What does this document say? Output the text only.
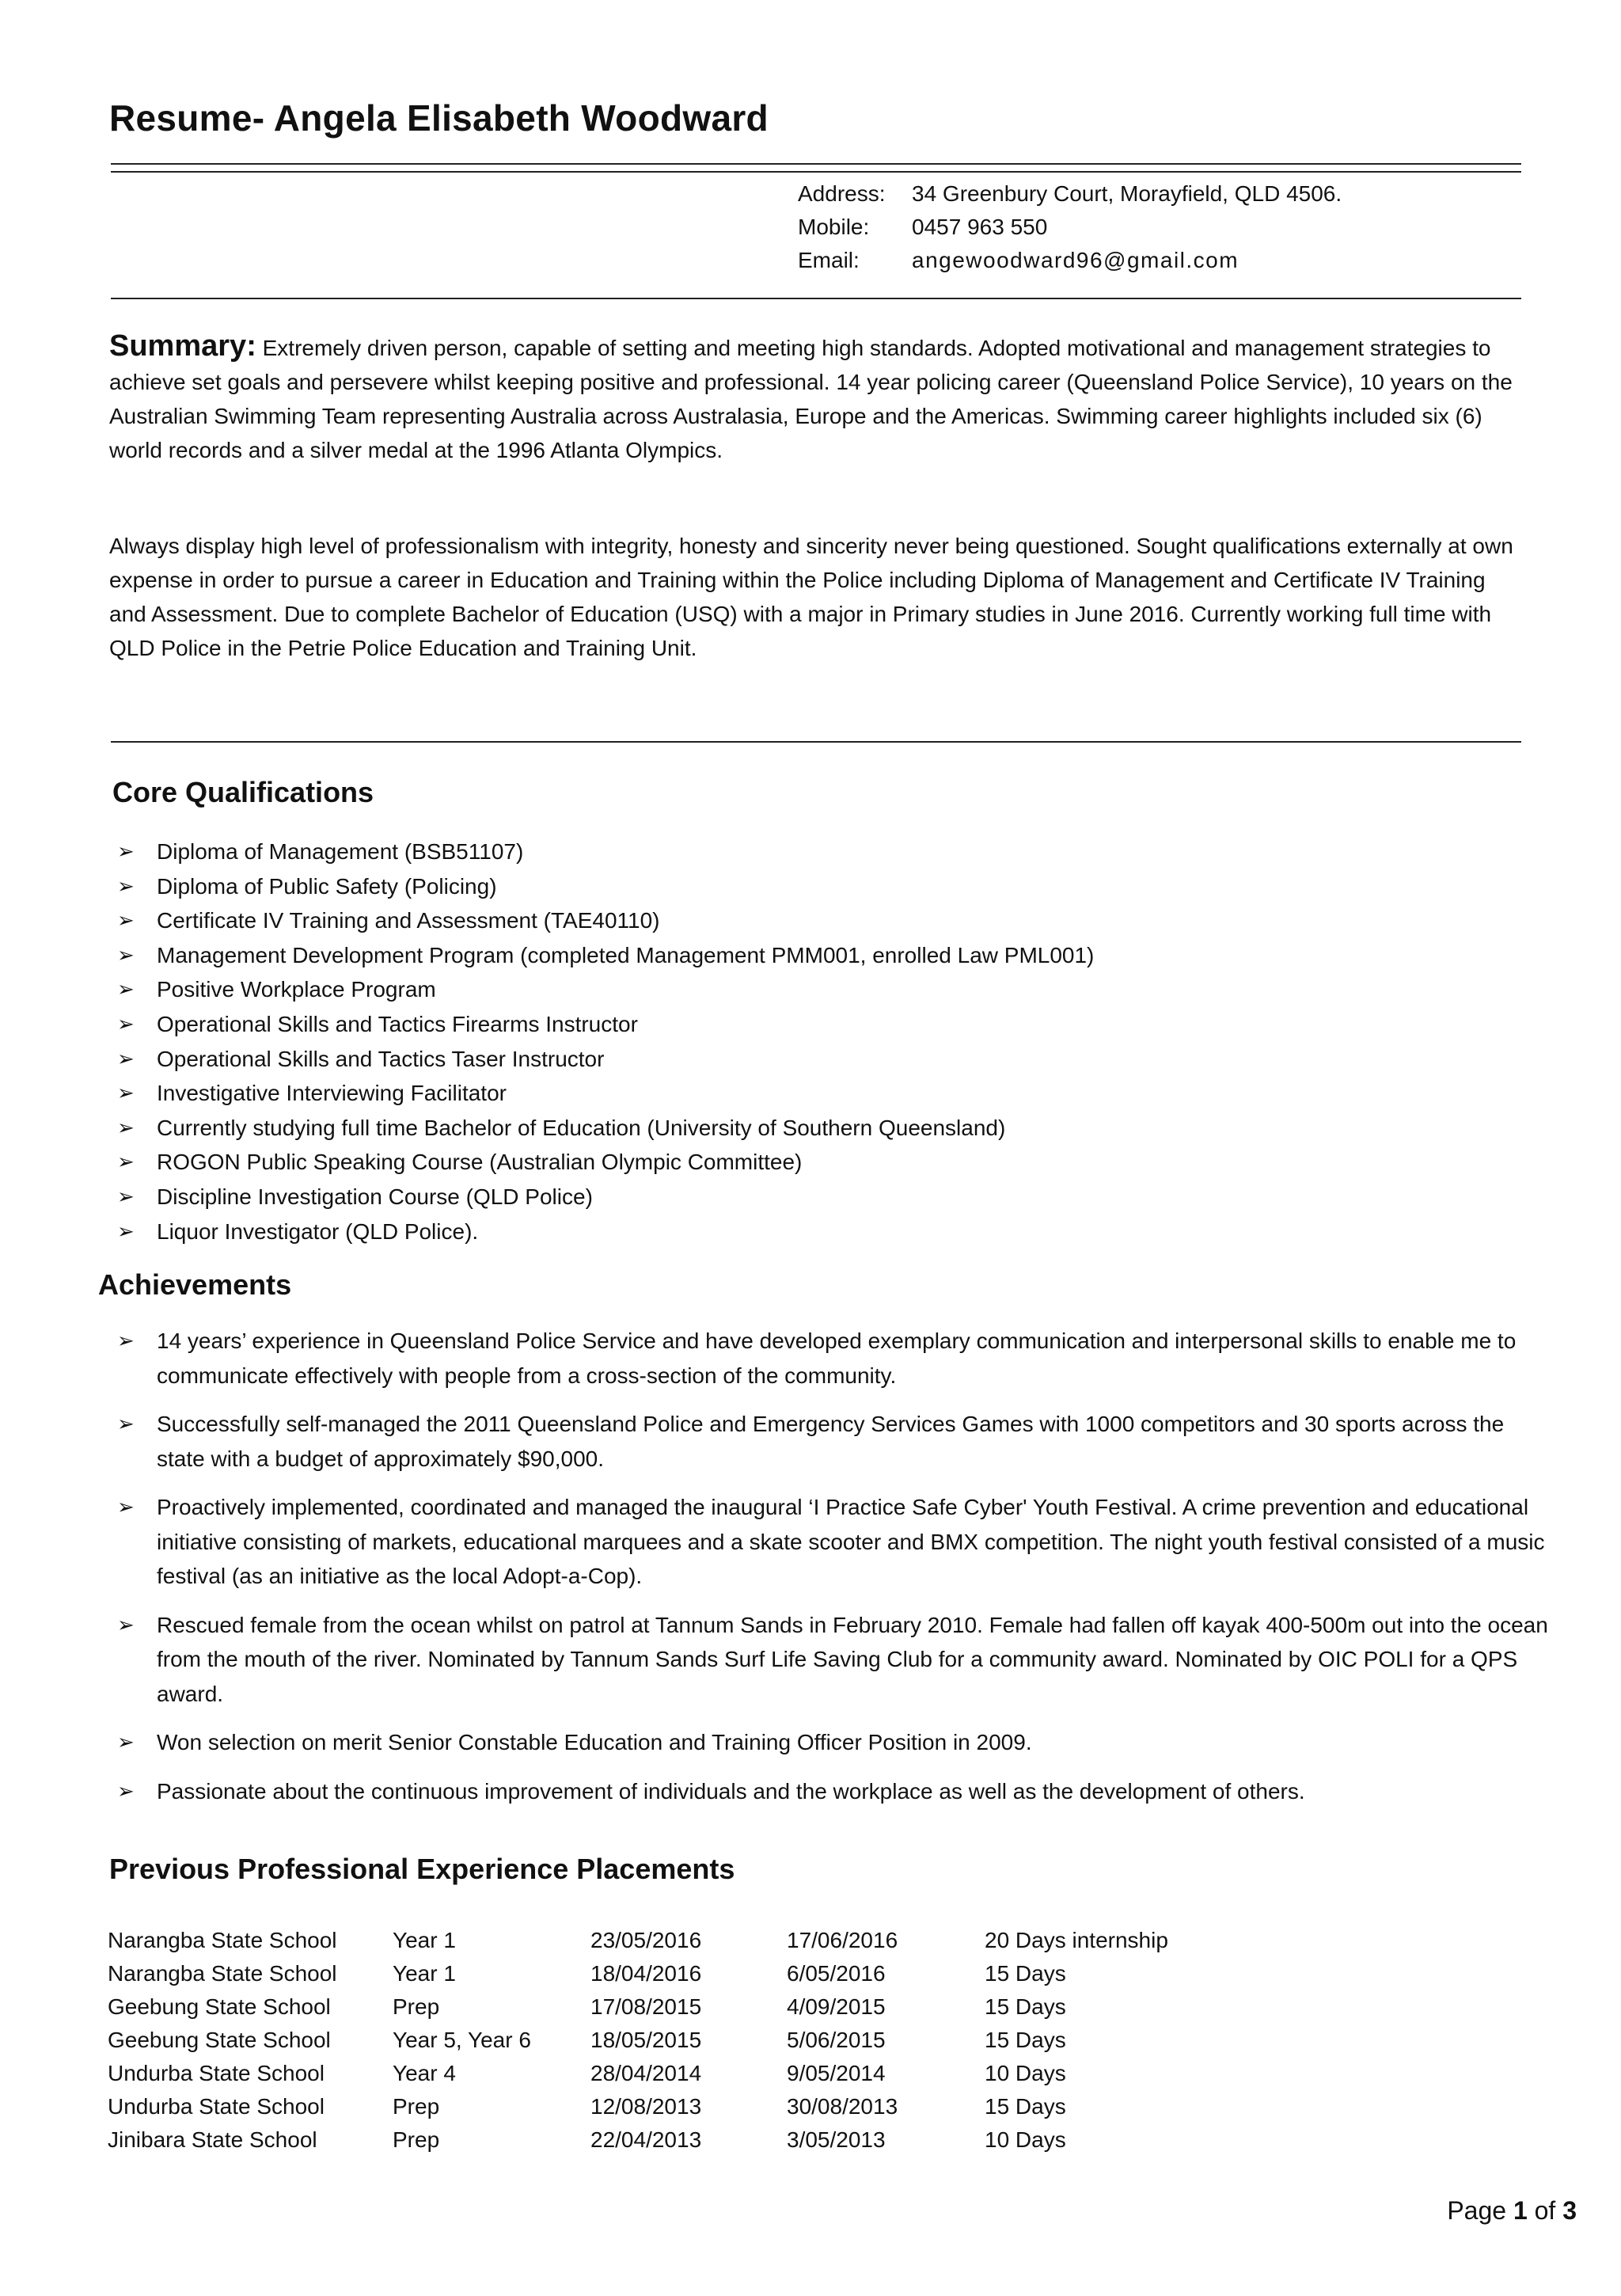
Resume- Angela Elisabeth Woodward
Address: 34 Greenbury Court, Morayfield, QLD 4506.
Mobile: 0457 963 550
Email: angewoodward96@gmail.com

Summary: Extremely driven person, capable of setting and meeting high standards. Adopted motivational and management strategies to achieve set goals and persevere whilst keeping positive and professional. 14 year policing career (Queensland Police Service), 10 years on the Australian Swimming Team representing Australia across Australasia, Europe and the Americas. Swimming career highlights included six (6) world records and a silver medal at the 1996 Atlanta Olympics.

Always display high level of professionalism with integrity, honesty and sincerity never being questioned. Sought qualifications externally at own expense in order to pursue a career in Education and Training within the Police including Diploma of Management and Certificate IV Training and Assessment. Due to complete Bachelor of Education (USQ) with a major in Primary studies in June 2016. Currently working full time with QLD Police in the Petrie Police Education and Training Unit.

Core Qualifications
➢ Diploma of Management (BSB51107)
➢ Diploma of Public Safety (Policing)
➢ Certificate IV Training and Assessment (TAE40110)
➢ Management Development Program (completed Management PMM001, enrolled Law PML001)
➢ Positive Workplace Program
➢ Operational Skills and Tactics Firearms Instructor
➢ Operational Skills and Tactics Taser Instructor
➢ Investigative Interviewing Facilitator
➢ Currently studying full time Bachelor of Education (University of Southern Queensland)
➢ ROGON Public Speaking Course (Australian Olympic Committee)
➢ Discipline Investigation Course (QLD Police)
➢ Liquor Investigator (QLD Police).
Achievements
➢ 14 years’ experience in Queensland Police Service and have developed exemplary communication and interpersonal skills to enable me to communicate effectively with people from a cross-section of the community.
➢ Successfully self-managed the 2011 Queensland Police and Emergency Services Games with 1000 competitors and 30 sports across the state with a budget of approximately $90,000.
➢ Proactively implemented, coordinated and managed the inaugural ‘I Practice Safe Cyber' Youth Festival. A crime prevention and educational initiative consisting of markets, educational marquees and a skate scooter and BMX competition. The night youth festival consisted of a music festival (as an initiative as the local Adopt-a-Cop).
➢ Rescued female from the ocean whilst on patrol at Tannum Sands in February 2010. Female had fallen off kayak 400-500m out into the ocean from the mouth of the river. Nominated by Tannum Sands Surf Life Saving Club for a community award. Nominated by OIC POLI for a QPS award.
➢ Won selection on merit Senior Constable Education and Training Officer Position in 2009.
➢ Passionate about the continuous improvement of individuals and the workplace as well as the development of others.
Previous Professional Experience Placements
Narangba State School	Year 1	23/05/2016	17/06/2016	20 Days internship
Narangba State School	Year 1	18/04/2016	6/05/2016	15 Days
Geebung State School	Prep	17/08/2015	4/09/2015	15 Days
Geebung State School	Year 5, Year 6	18/05/2015	5/06/2015	15 Days
Undurba State School	Year 4	28/04/2014	9/05/2014	10 Days
Undurba State School	Prep	12/08/2013	30/08/2013	15 Days
Jinibara State School	Prep	22/04/2013	3/05/2013	10 Days
Page 1 of 3
